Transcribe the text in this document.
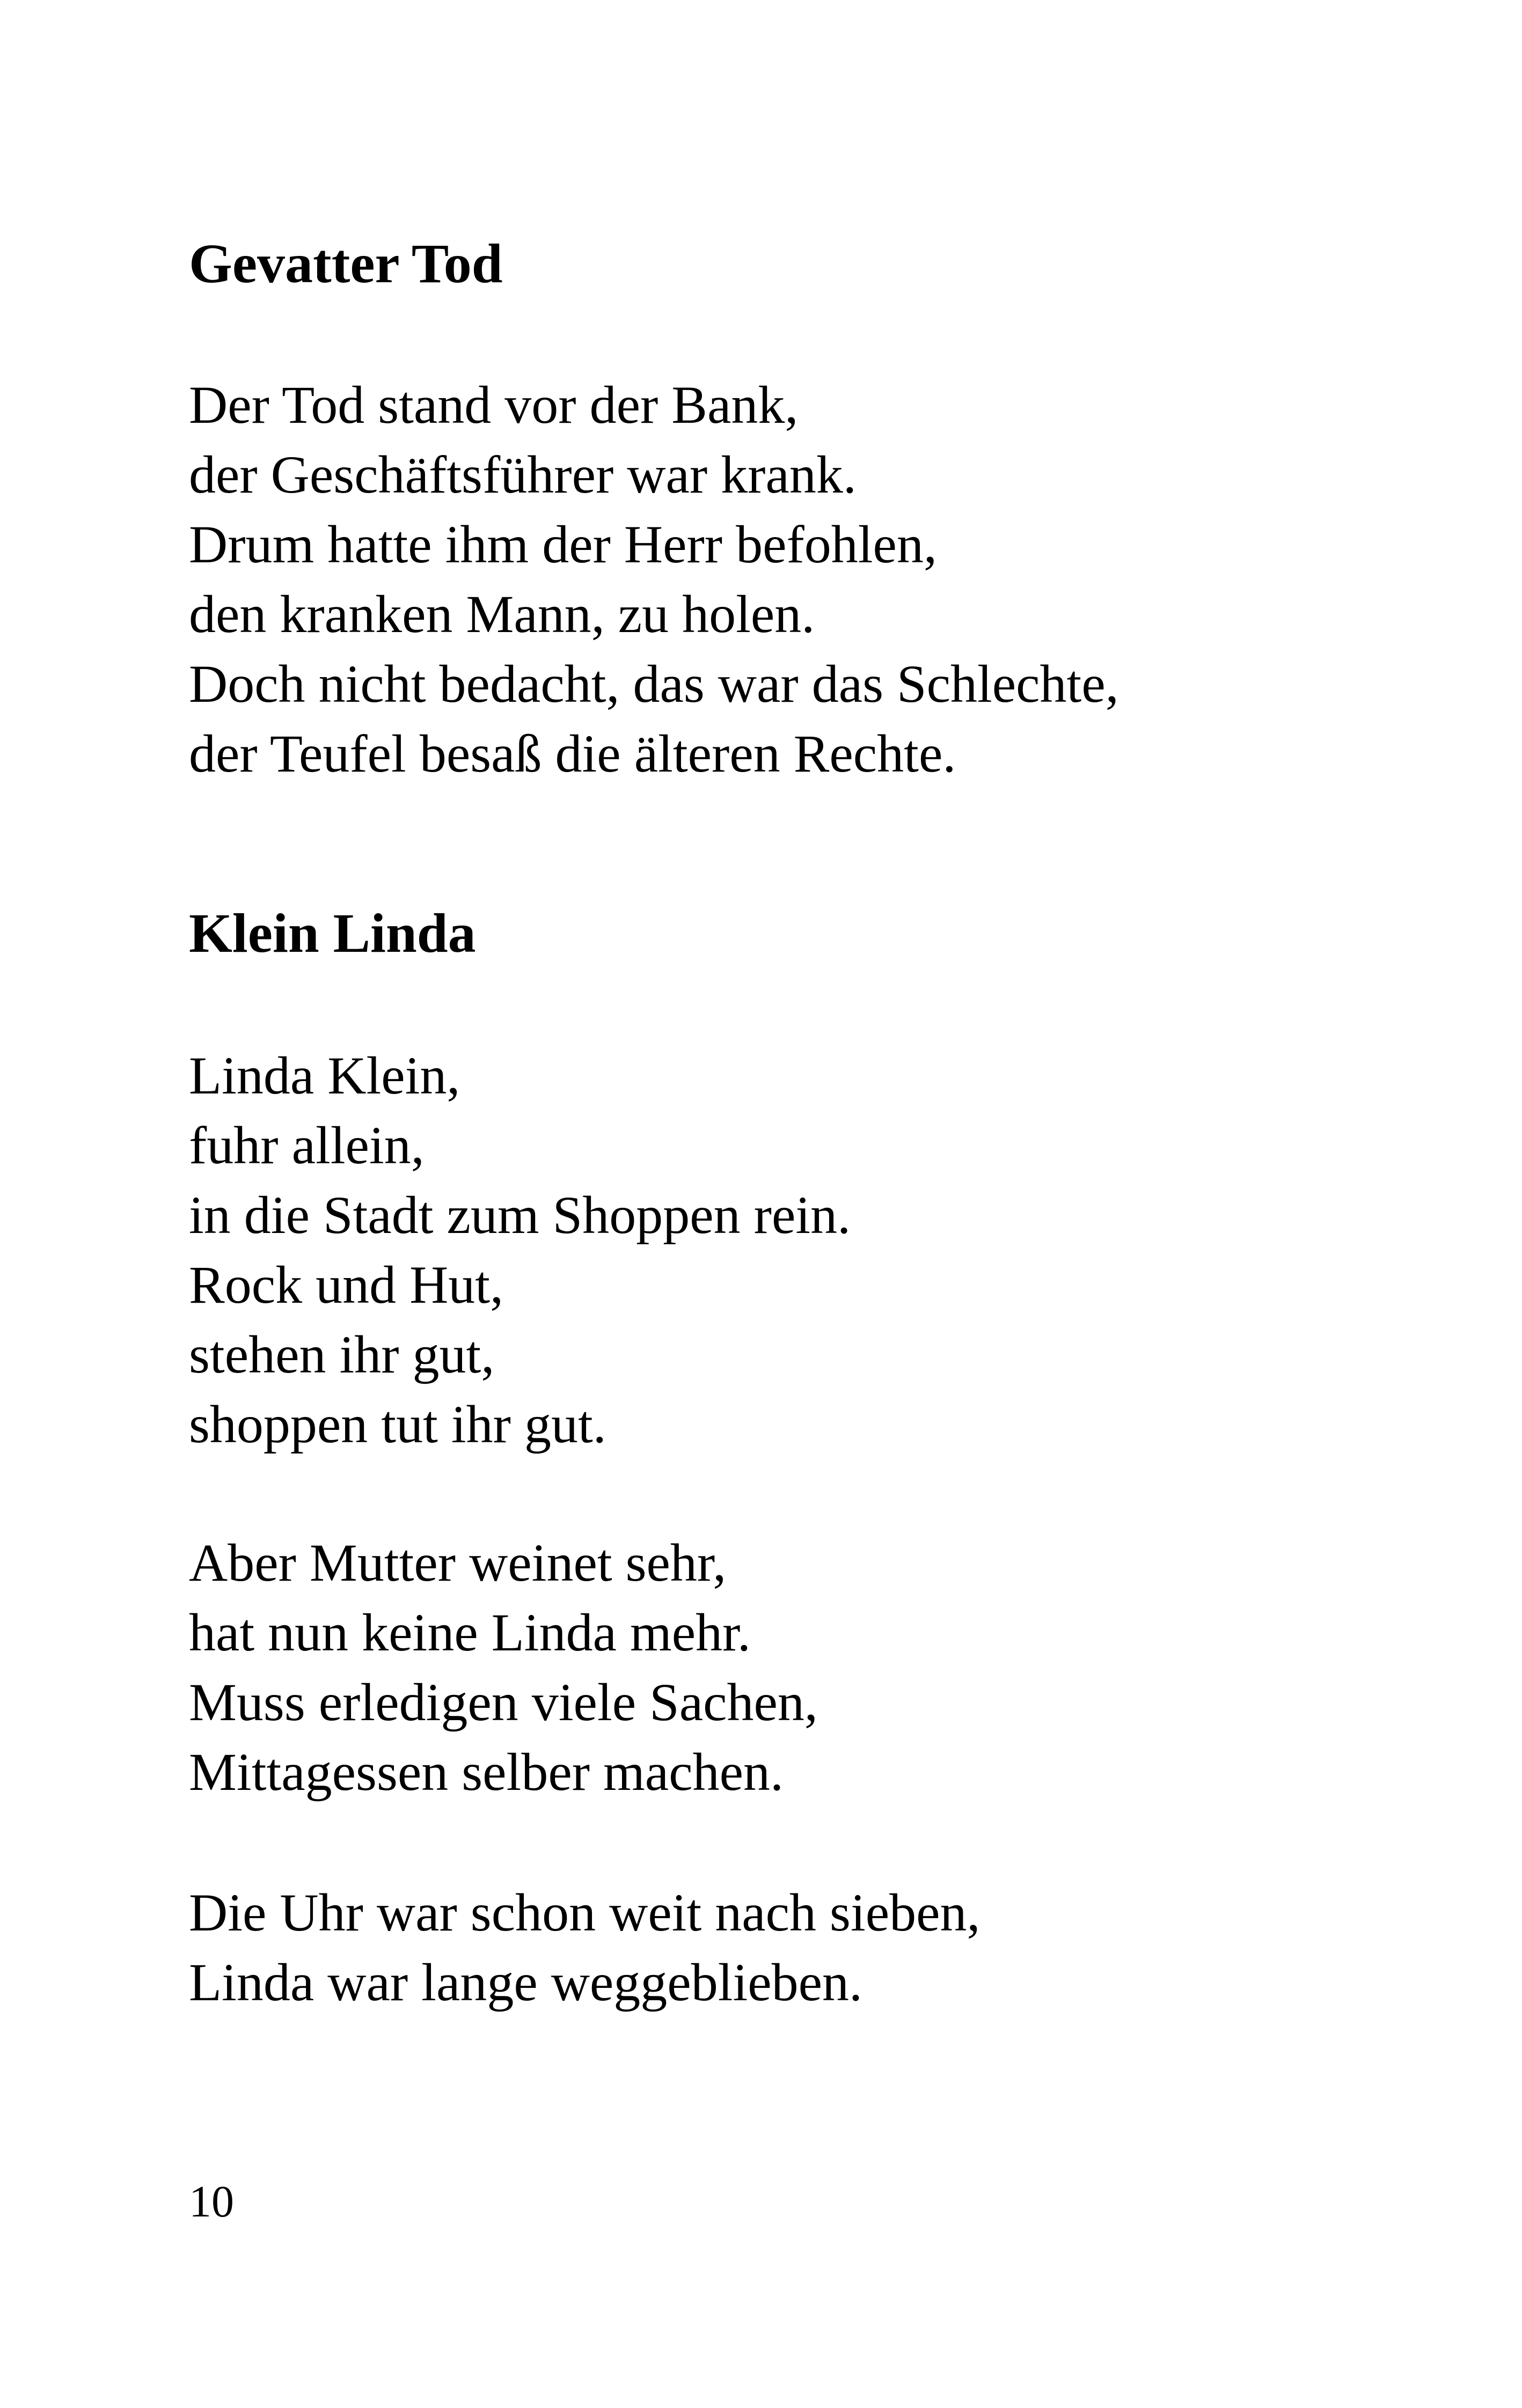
Gevatter Tod
Der Tod stand vor der Bank,
der Geschäftsführer war krank.
Drum hatte ihm der Herr befohlen,
den kranken Mann, zu holen.
Doch nicht bedacht, das war das Schlechte,
der Teufel besaß die älteren Rechte.
Klein Linda
Linda Klein,
fuhr allein,
in die Stadt zum Shoppen rein.
Rock und Hut,
stehen ihr gut,
shoppen tut ihr gut.
Aber Mutter weinet sehr,
hat nun keine Linda mehr.
Muss erledigen viele Sachen,
Mittagessen selber machen.
Die Uhr war schon weit nach sieben,
Linda war lange weggeblieben.
10
